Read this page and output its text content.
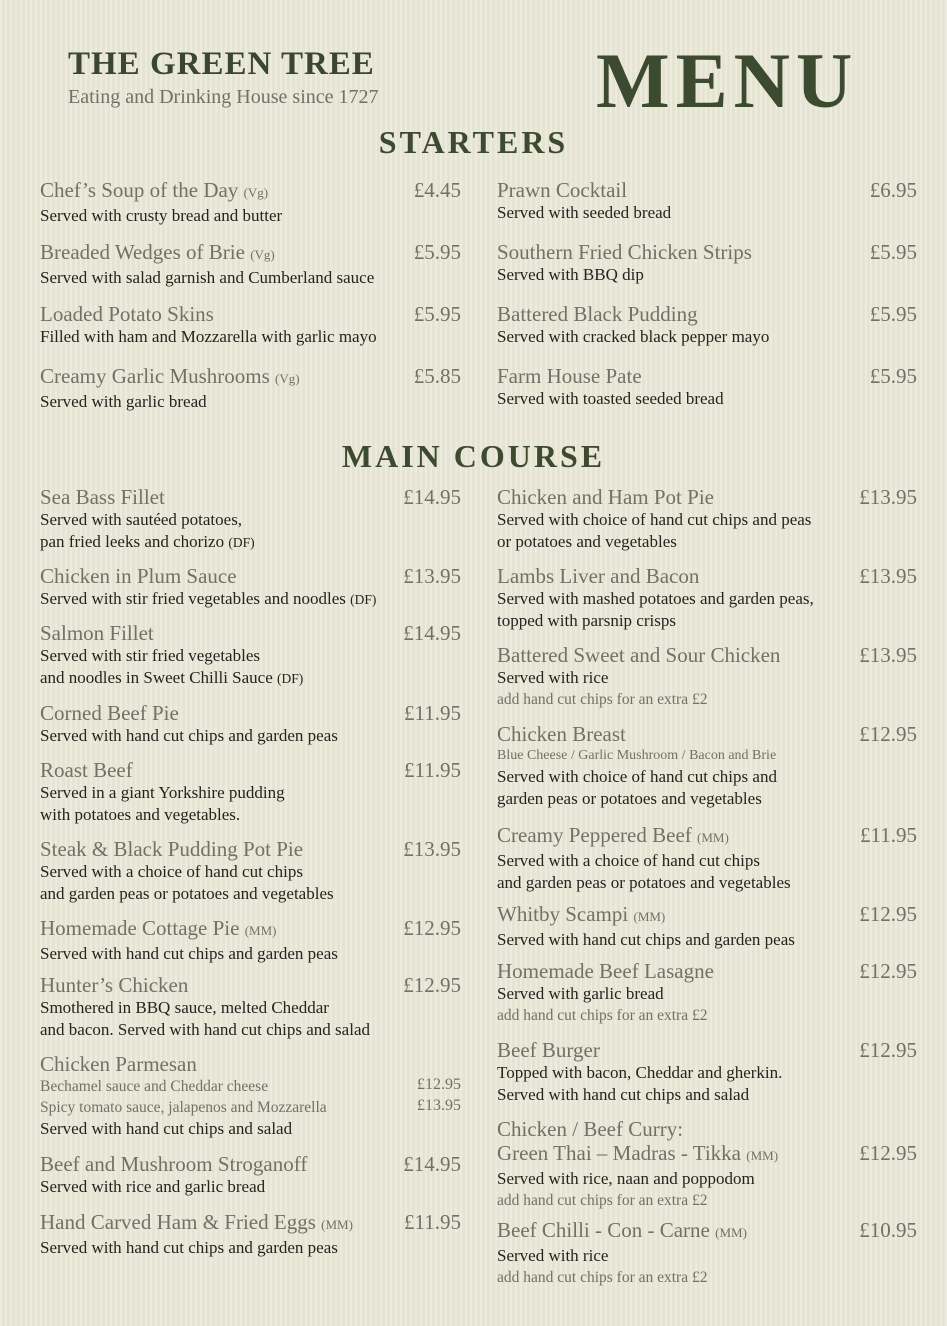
THE GREEN TREE
Eating and Drinking House since 1727	MENU
STARTERS
Chef’s Soup of the Day (Vg)	£4.45
Served with crusty bread and butter
Breaded Wedges of Brie (Vg)	£5.95
Served with salad garnish and Cumberland sauce
Loaded Potato Skins	£5.95
Filled with ham and Mozzarella with garlic mayo
Creamy Garlic Mushrooms (Vg)	£5.85
Served with garlic bread
Prawn Cocktail	£6.95
Served with seeded bread
Southern Fried Chicken Strips	£5.95
Served with BBQ dip
Battered Black Pudding	£5.95
Served with cracked black pepper mayo
Farm House Pate	£5.95
Served with toasted seeded bread
MAIN COURSE
Sea Bass Fillet	£14.95
Served with sautéed potatoes,
pan fried leeks and chorizo (DF)
Chicken in Plum Sauce	£13.95
Served with stir fried vegetables and noodles (DF)
Salmon Fillet	£14.95
Served with stir fried vegetables
and noodles in Sweet Chilli Sauce (DF)
Corned Beef Pie	£11.95
Served with hand cut chips and garden peas
Roast Beef	£11.95
Served in a giant Yorkshire pudding
with potatoes and vegetables.
Steak & Black Pudding Pot Pie	£13.95
Served with a choice of hand cut chips
and garden peas or potatoes and vegetables
Homemade Cottage Pie (MM)	£12.95
Served with hand cut chips and garden peas
Hunter’s Chicken	£12.95
Smothered in BBQ sauce, melted Cheddar
and bacon. Served with hand cut chips and salad
Chicken Parmesan
Bechamel sauce and Cheddar cheese	£12.95
Spicy tomato sauce, jalapenos and Mozzarella	£13.95
Served with hand cut chips and salad
Beef and Mushroom Stroganoff	£14.95
Served with rice and garlic bread
Hand Carved Ham & Fried Eggs (MM) £11.95
Served with hand cut chips and garden peas
Chicken and Ham Pot Pie	£13.95
Served with choice of hand cut chips and peas
or potatoes and vegetables
Lambs Liver and Bacon	£13.95
Served with mashed potatoes and garden peas,
topped with parsnip crisps
Battered Sweet and Sour Chicken	£13.95
Served with rice
add hand cut chips for an extra £2
Chicken Breast	£12.95
Blue Cheese / Garlic Mushroom / Bacon and Brie
Served with choice of hand cut chips and
garden peas or potatoes and vegetables
Creamy Peppered Beef (MM)	£11.95
Served with a choice of hand cut chips
and garden peas or potatoes and vegetables
Whitby Scampi (MM)	£12.95
Served with hand cut chips and garden peas
Homemade Beef Lasagne	£12.95
Served with garlic bread
add hand cut chips for an extra £2
Beef Burger	£12.95
Topped with bacon, Cheddar and gherkin.
Served with hand cut chips and salad
Chicken / Beef Curry:
Green Thai – Madras - Tikka (MM)	£12.95
Served with rice, naan and poppodom
add hand cut chips for an extra £2
Beef Chilli - Con - Carne (MM)	£10.95
Served with rice
add hand cut chips for an extra £2
